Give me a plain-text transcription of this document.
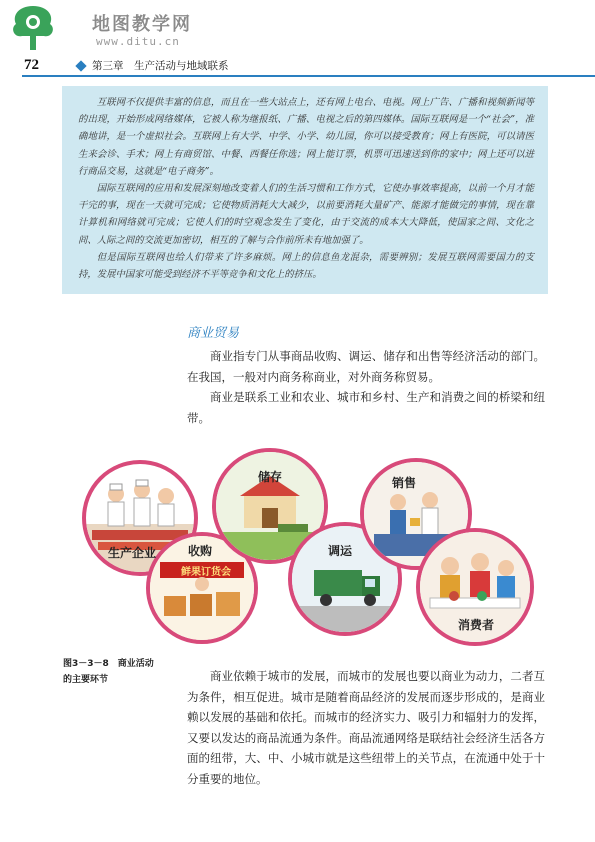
地图教学网
www.ditu.cn
72	第三章　生产活动与地域联系

互联网不仅提供丰富的信息，而且在一些大站点上，还有网上电台、电视。网上广告、广播和视频新闻等的出现，开始形成网络媒体，它被人称为继报纸、广播、电视之后的第四媒体。国际互联网是一个“社会”，准确地讲，是一个虚拟社会。互联网上有大学、中学、小学、幼儿园，你可以接受教育；网上有医院，可以请医生来会诊、手术；网上有商贸馆、中餐、西餐任你选；网上能订票，机票可迅速送到你的家中；网上还可以进行商品交易，这就是“电子商务”。

国际互联网的应用和发展深刻地改变着人们的生活习惯和工作方式，它使办事效率提高，以前一个月才能干完的事，现在一天就可完成；它使物质消耗大大减少，以前要消耗大量矿产、能源才能做完的事情，现在靠计算机和网络就可完成；它使人们的时空观念发生了变化，由于交流的成本大大降低，使国家之间、文化之间、人际之间的交流更加密切，相互的了解与合作前所未有地加强了。

但是国际互联网也给人们带来了许多麻烦。网上的信息鱼龙混杂，需要辨别；发展互联网需要国力的支持，发展中国家可能受到经济不平等竞争和文化上的挤压。

商业贸易

商业指专门从事商品收购、调运、储存和出售等经济活动的部门。在我国，一般对内商务称商业，对外商务称贸易。

商业是联系工业和农业、城市和乡村、生产和消费之间的桥梁和纽带。

生产企业
鲜果订货会
收购
储存
调运
销售
消费者
图3－3－8　商业活动
的主要环节	商业依赖于城市的发展，而城市的发展也要以商业为动力，二者互为条件，相互促进。城市是随着商品经济的发展而逐步形成的，是商业赖以发展的基础和依托。而城市的经济实力、吸引力和辐射力的发挥，又要以发达的商品流通为条件。商品流通网络是联结社会经济生活各方面的纽带，大、中、小城市就是这些纽带上的关节点，在流通中处于十分重要的地位。
